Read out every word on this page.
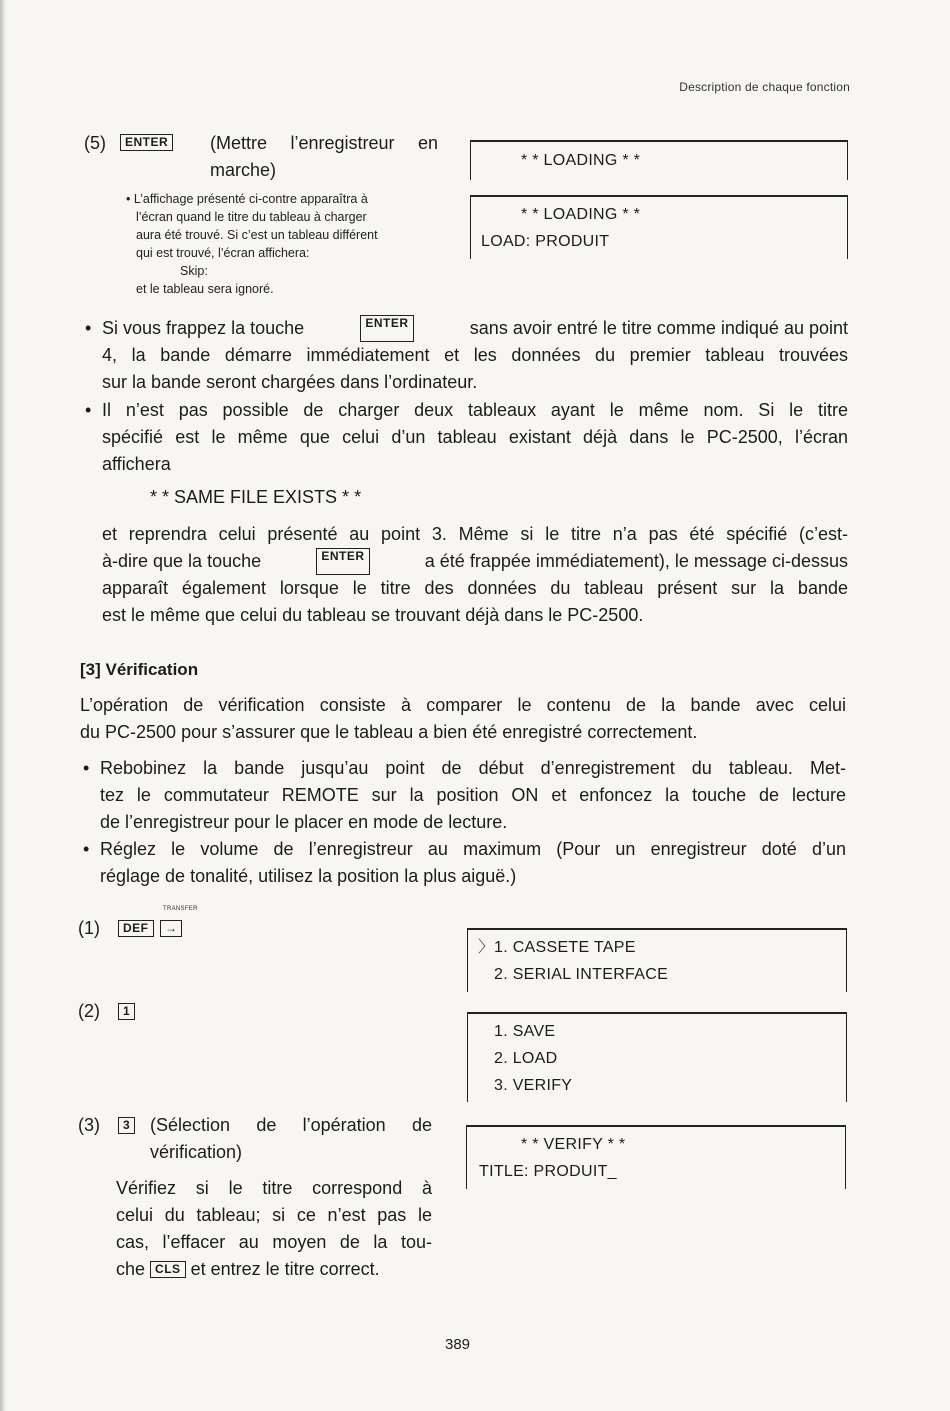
Description de chaque fonction
(5)	ENTER (Mettre l’enregistreur en
marche)
• L’affichage présenté ci-contre apparaîtra à
l’écran quand le titre du tableau à charger
aura été trouvé. Si c’est un tableau différent
qui est trouvé, l’écran affichera:
Skip:
et le tableau sera ignoré.
* * LOADING * *
* * LOADING * *
LOAD: PRODUIT
• Si vous frappez la touche	ENTER	sans avoir entré le titre comme indiqué au point
4, la bande démarre immédiatement et les données du premier tableau trouvées
sur la bande seront chargées dans l’ordinateur.
• Il n’est pas possible de charger deux tableaux ayant le même nom. Si le titre
spécifié est le même que celui d’un tableau existant déjà dans le PC-2500, l’écran
affichera
* * SAME FILE EXISTS * *
et reprendra celui présenté au point 3. Même si le titre n’a pas été spécifié (c’est-
à-dire que la touche	ENTER	a été frappée immédiatement), le message ci-dessus
apparaît également lorsque le titre des données du tableau présent sur la bande
est le même que celui du tableau se trouvant déjà dans le PC-2500.
[3] Vérification
L’opération de vérification consiste à comparer le contenu de la bande avec celui
du PC-2500 pour s’assurer que le tableau a bien été enregistré correctement.
• Rebobinez la bande jusqu’au point de début d’enregistrement du tableau. Met-
tez le commutateur REMOTE sur la position ON et enfoncez la touche de lecture
de l’enregistreur pour le placer en mode de lecture.
• Réglez le volume de l’enregistreur au maximum (Pour un enregistreur doté d’un
réglage de tonalité, utilisez la position la plus aiguë.)
(1)
TRANSFER
DEF →
(2)	1
(3)	3 (Sélection de l’opération de
vérification)
Vérifiez si le titre correspond à
celui du tableau; si ce n’est pas le
cas, l’effacer au moyen de la tou-
che CLS et entrez le titre correct.
〉 1. CASSETE TAPE
2. SERIAL INTERFACE
1. SAVE
2. LOAD
3. VERIFY
* * VERIFY * *
TITLE: PRODUIT_
389
